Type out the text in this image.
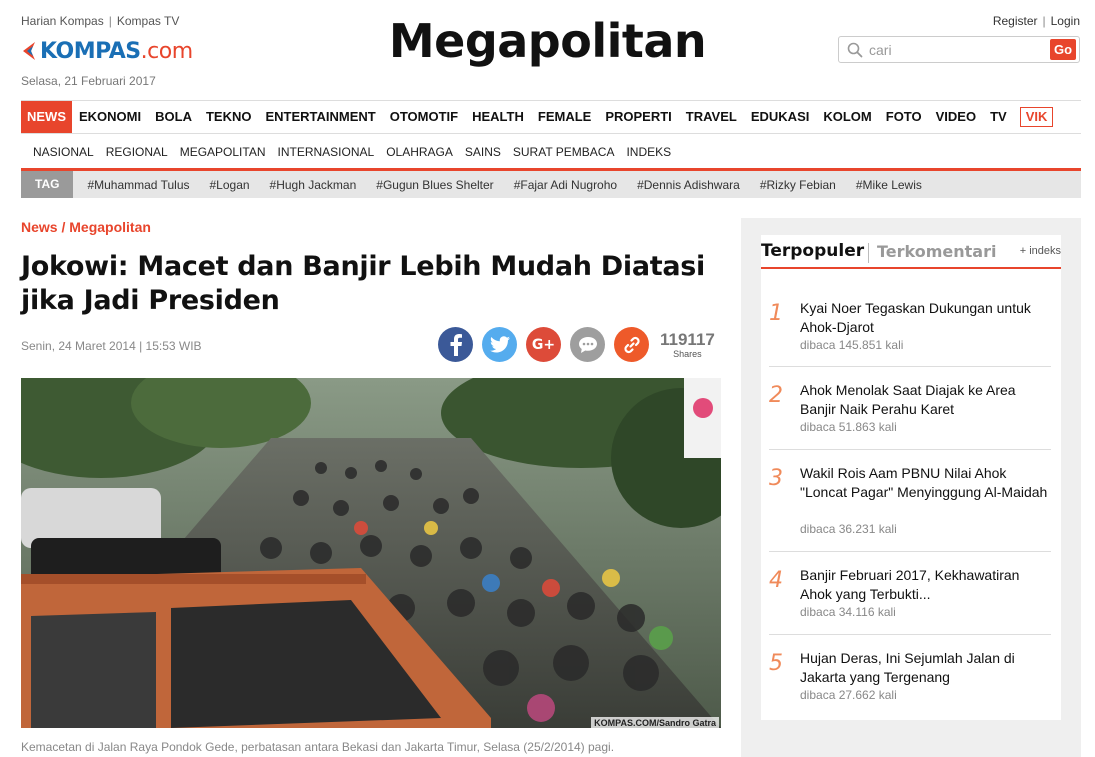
Harian Kompas | Kompas TV
KOMPAS.com
Selasa, 21 Februari 2017
Megapolitan	Register | Login
cari
Go
NEWS	EKONOMI	BOLA	TEKNO	ENTERTAINMENT	OTOMOTIF	HEALTH	FEMALE	PROPERTI	TRAVEL	EDUKASI	KOLOM	FOTO	VIDEO	TV	VIK
NASIONAL	REGIONAL	MEGAPOLITAN	INTERNASIONAL	OLAHRAGA	SAINS	SURAT PEMBACA	INDEKS
TAG	#Muhammad Tulus	#Logan	#Hugh Jackman	#Gugun Blues Shelter	#Fajar Adi Nugroho	#Dennis Adishwara	#Rizky Febian	#Mike Lewis
News / Megapolitan
Jokowi: Macet dan Banjir Lebih Mudah Diatasi jika Jadi Presiden
Senin, 24 Maret 2014 | 15:53 WIB	G+	119117
Shares
KOMPAS.COM/Sandro Gatra
Kemacetan di Jalan Raya Pondok Gede, perbatasan antara Bekasi dan Jakarta Timur, Selasa (25/2/2014) pagi.
Terpopuler Terkomentari + indeks
1 Kyai Noer Tegaskan Dukungan untuk Ahok-Djarot
dibaca 145.851 kali
2 Ahok Menolak Saat Diajak ke Area Banjir Naik Perahu Karet
dibaca 51.863 kali
3 Wakil Rois Aam PBNU Nilai Ahok "Loncat Pagar" Menyinggung Al-Maidah
dibaca 36.231 kali
4 Banjir Februari 2017, Kekhawatiran Ahok yang Terbukti...
dibaca 34.116 kali
5 Hujan Deras, Ini Sejumlah Jalan di Jakarta yang Tergenang
dibaca 27.662 kali
